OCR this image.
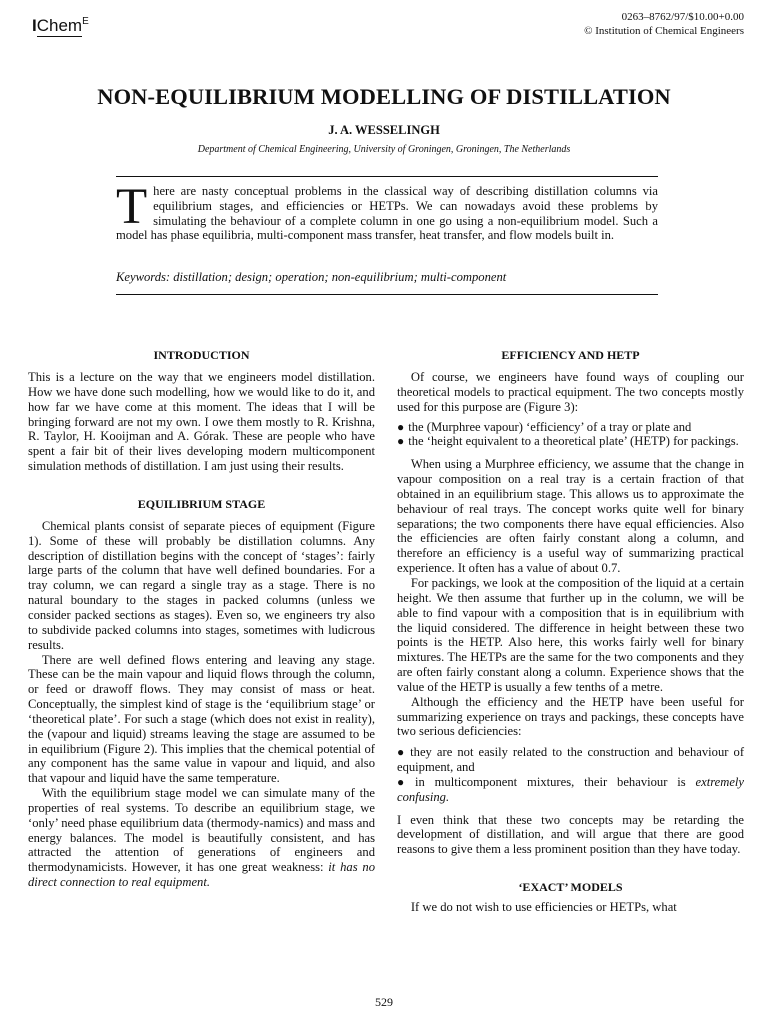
IChem$^E$	0263–8762/97/$10.00+0.00
© Institution of Chemical Engineers
NON-EQUILIBRIUM MODELLING OF DISTILLATION
J. A. WESSELINGH
Department of Chemical Engineering, University of Groningen, Groningen, The Netherlands
There are nasty conceptual problems in the classical way of describing distillation columns via equilibrium stages, and efficiencies or HETPs. We can nowadays avoid these problems by simulating the behaviour of a complete column in one go using a non-equilibrium model. Such a model has phase equilibria, multi-component mass transfer, heat transfer, and flow models built in.
Keywords: distillation; design; operation; non-equilibrium; multi-component
INTRODUCTION

This is a lecture on the way that we engineers model distillation. How we have done such modelling, how we would like to do it, and how far we have come at this moment. The ideas that I will be bringing forward are not my own. I owe them mostly to R. Krishna, R. Taylor, H. Kooijman and A. Górak. These are people who have spent a fair bit of their lives developing modern multicomponent simulation methods of distillation. I am just using their results.

EQUILIBRIUM STAGE

Chemical plants consist of separate pieces of equipment (Figure 1). Some of these will probably be distillation columns. Any description of distillation begins with the concept of ‘stages’: fairly large parts of the column that have well defined boundaries. For a tray column, we can regard a single tray as a stage. There is no natural boundary to the stages in packed columns (unless we consider packed sections as stages). Even so, we engineers try also to subdivide packed columns into stages, sometimes with ludicrous results.

There are well defined flows entering and leaving any stage. These can be the main vapour and liquid flows through the column, or feed or drawoff flows. They may consist of mass or heat. Conceptually, the simplest kind of stage is the ‘equilibrium stage’ or ‘theoretical plate’. For such a stage (which does not exist in reality), the (vapour and liquid) streams leaving the stage are assumed to be in equilibrium (Figure 2). This implies that the chemical potential of any component has the same value in vapour and liquid, and also that vapour and liquid have the same temperature.

With the equilibrium stage model we can simulate many of the properties of real systems. To describe an equilibrium stage, we ‘only’ need phase equilibrium data (thermody-namics) and mass and energy balances. The model is beautifully consistent, and has attracted the attention of generations of engineers and thermodynamicists. However, it has one great weakness: it has no direct connection to real equipment.

EFFICIENCY AND HETP

Of course, we engineers have found ways of coupling our theoretical models to practical equipment. The two concepts mostly used for this purpose are (Figure 3):

● the (Murphree vapour) ‘efficiency’ of a tray or plate and

● the ‘height equivalent to a theoretical plate’ (HETP) for packings.

When using a Murphree efficiency, we assume that the change in vapour composition on a real tray is a certain fraction of that obtained in an equilibrium stage. This allows us to approximate the behaviour of real trays. The concept works quite well for binary separations; the two components there have equal efficiencies. Also the efficiencies are often fairly constant along a column, and therefore an efficiency is a useful way of summarizing practical experience. It often has a value of about 0.7.

For packings, we look at the composition of the liquid at a certain height. We then assume that further up in the column, we will be able to find vapour with a composition that is in equilibrium with the liquid considered. The difference in height between these two points is the HETP. Also here, this works fairly well for binary mixtures. The HETPs are the same for the two components and they are often fairly constant along a column. Experience shows that the value of the HETP is usually a few tenths of a metre.

Although the efficiency and the HETP have been useful for summarizing experience on trays and packings, these concepts have two serious deficiencies:

● they are not easily related to the construction and behaviour of equipment, and

● in multicomponent mixtures, their behaviour is extremely confusing.

I even think that these two concepts may be retarding the development of distillation, and will argue that there are good reasons to give them a less prominent position than they have today.

‘EXACT’ MODELS

If we do not wish to use efficiencies or HETPs, what

529
